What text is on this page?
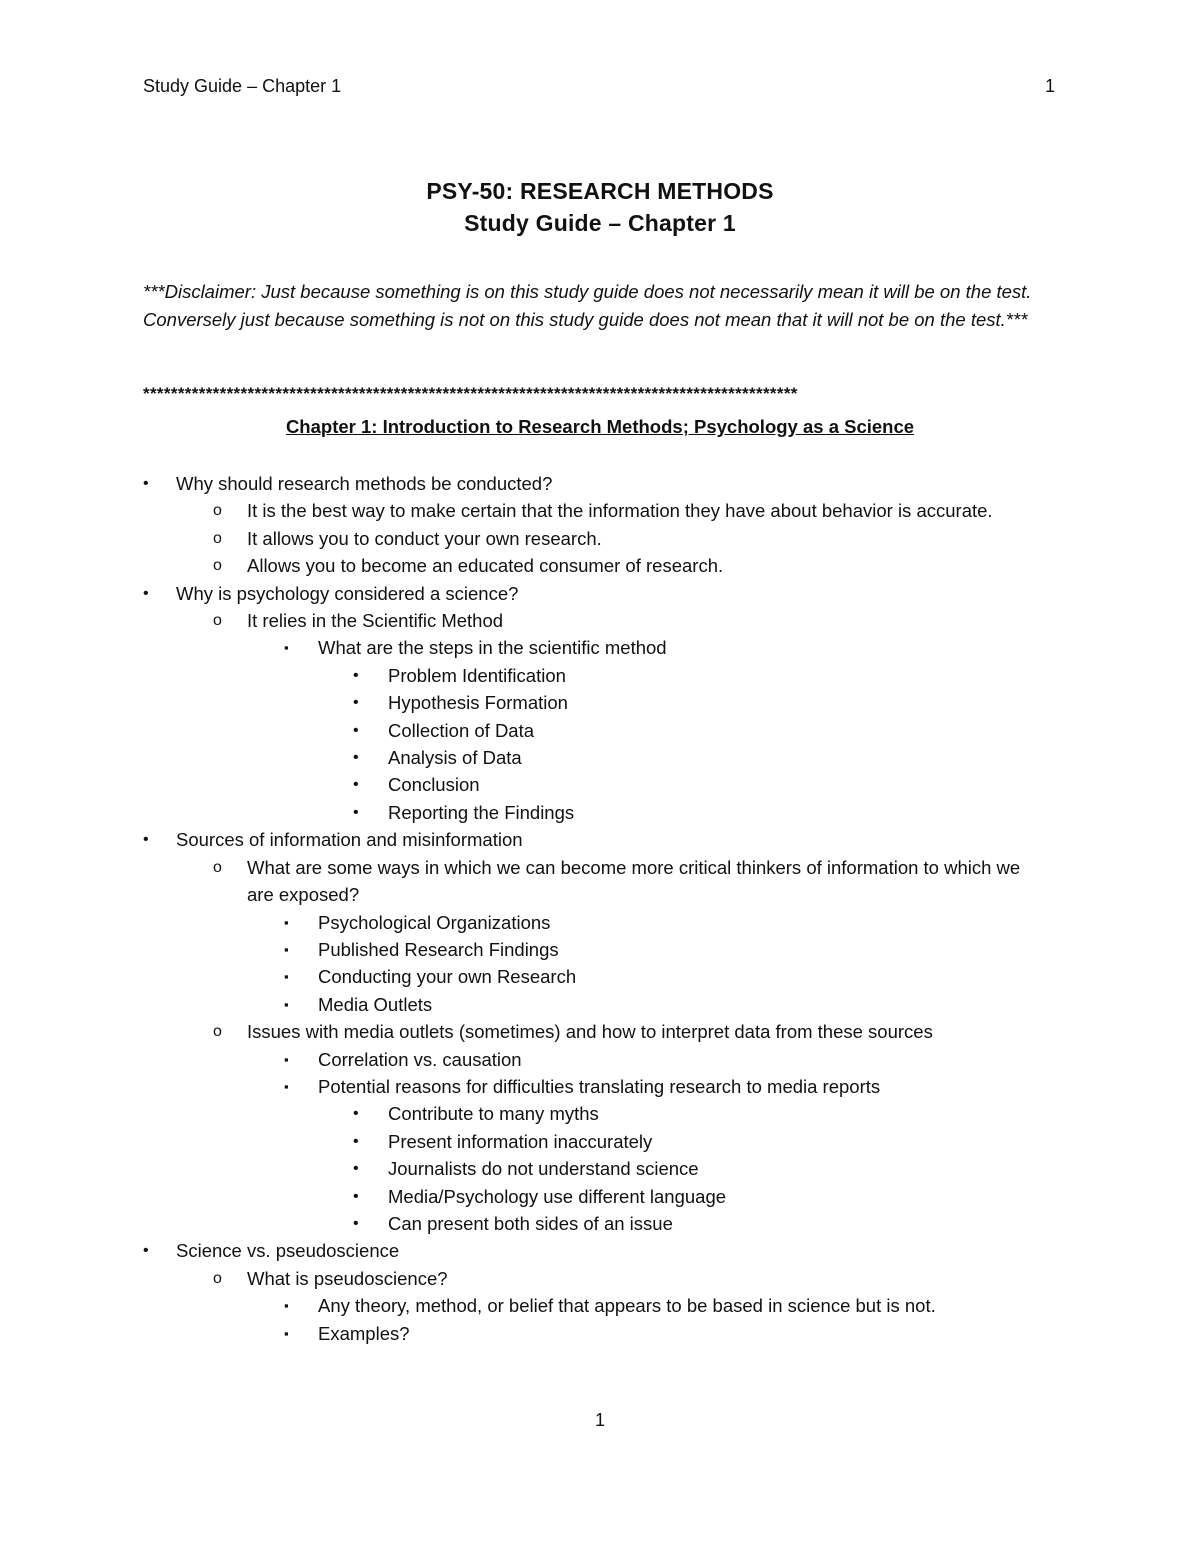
Study Guide – Chapter 1	1
PSY-50: RESEARCH METHODS
Study Guide – Chapter 1

***Disclaimer: Just because something is on this study guide does not necessarily mean it will be on the test. Conversely just because something is not on this study guide does not mean that it will not be on the test.***

**********************************************************************************************
Chapter 1: Introduction to Research Methods; Psychology as a Science
• Why should research methods be conducted?
o It is the best way to make certain that the information they have about behavior is accurate.
o It allows you to conduct your own research.
o Allows you to become an educated consumer of research.
• Why is psychology considered a science?
o It relies in the Scientific Method
▪ What are the steps in the scientific method
• Problem Identification
• Hypothesis Formation
• Collection of Data
• Analysis of Data
• Conclusion
• Reporting the Findings
• Sources of information and misinformation
o What are some ways in which we can become more critical thinkers of information to which we are exposed?
▪ Psychological Organizations
▪ Published Research Findings
▪ Conducting your own Research
▪ Media Outlets
o Issues with media outlets (sometimes) and how to interpret data from these sources
▪ Correlation vs. causation
▪ Potential reasons for difficulties translating research to media reports
• Contribute to many myths
• Present information inaccurately
• Journalists do not understand science
• Media/Psychology use different language
• Can present both sides of an issue
• Science vs. pseudoscience
o What is pseudoscience?
▪ Any theory, method, or belief that appears to be based in science but is not.
▪ Examples?
1
